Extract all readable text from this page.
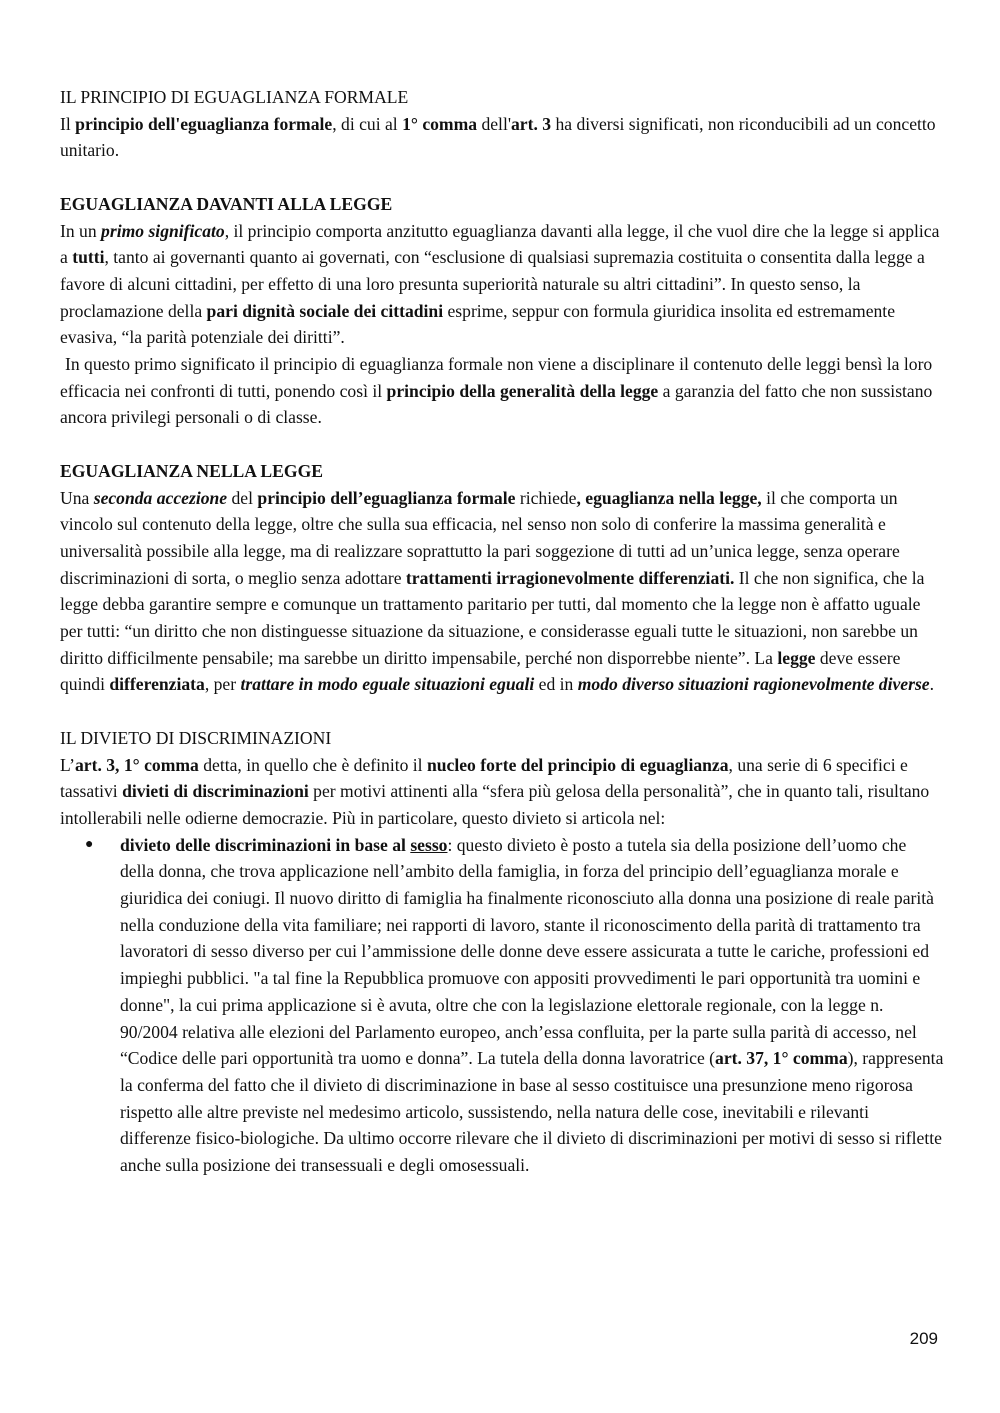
IL PRINCIPIO DI EGUAGLIANZA FORMALE

Il principio dell'eguaglianza formale, di cui al 1° comma dell'art. 3 ha diversi significati, non riconducibili ad un concetto unitario.

EGUAGLIANZA DAVANTI ALLA LEGGE

In un primo significato, il principio comporta anzitutto eguaglianza davanti alla legge, il che vuol dire che la legge si applica a tutti, tanto ai governanti quanto ai governati, con “esclusione di qualsiasi supremazia costituita o consentita dalla legge a favore di alcuni cittadini, per effetto di una loro presunta superiorità naturale su altri cittadini”. In questo senso, la proclamazione della pari dignità sociale dei cittadini esprime, seppur con formula giuridica insolita ed estremamente evasiva, “la parità potenziale dei diritti”.

In questo primo significato il principio di eguaglianza formale non viene a disciplinare il contenuto delle leggi bensì la loro efficacia nei confronti di tutti, ponendo così il principio della generalità della legge a garanzia del fatto che non sussistano ancora privilegi personali o di classe.

EGUAGLIANZA NELLA LEGGE

Una seconda accezione del principio dell’eguaglianza formale richiede, eguaglianza nella legge, il che comporta un vincolo sul contenuto della legge, oltre che sulla sua efficacia, nel senso non solo di conferire la massima generalità e universalità possibile alla legge, ma di realizzare soprattutto la pari soggezione di tutti ad un’unica legge, senza operare discriminazioni di sorta, o meglio senza adottare trattamenti irragionevolmente differenziati. Il che non significa, che la legge debba garantire sempre e comunque un trattamento paritario per tutti, dal momento che la legge non è affatto uguale per tutti: “un diritto che non distinguesse situazione da situazione, e considerasse eguali tutte le situazioni, non sarebbe un diritto difficilmente pensabile; ma sarebbe un diritto impensabile, perché non disporrebbe niente”. La legge deve essere quindi differenziata, per trattare in modo eguale situazioni eguali ed in modo diverso situazioni ragionevolmente diverse.

IL DIVIETO DI DISCRIMINAZIONI

L’art. 3, 1° comma detta, in quello che è definito il nucleo forte del principio di eguaglianza, una serie di 6 specifici e tassativi divieti di discriminazioni per motivi attinenti alla “sfera più gelosa della personalità”, che in quanto tali, risultano intollerabili nelle odierne democrazie. Più in particolare, questo divieto si articola nel:

● divieto delle discriminazioni in base al sesso: questo divieto è posto a tutela sia della posizione dell’uomo che della donna, che trova applicazione nell’ambito della famiglia, in forza del principio dell’eguaglianza morale e giuridica dei coniugi. Il nuovo diritto di famiglia ha finalmente riconosciuto alla donna una posizione di reale parità nella conduzione della vita familiare; nei rapporti di lavoro, stante il riconoscimento della parità di trattamento tra lavoratori di sesso diverso per cui l’ammissione delle donne deve essere assicurata a tutte le cariche, professioni ed impieghi pubblici. "a tal fine la Repubblica promuove con appositi provvedimenti le pari opportunità tra uomini e donne", la cui prima applicazione si è avuta, oltre che con la legislazione elettorale regionale, con la legge n. 90/2004 relativa alle elezioni del Parlamento europeo, anch’essa confluita, per la parte sulla parità di accesso, nel “Codice delle pari opportunità tra uomo e donna”. La tutela della donna lavoratrice (art. 37, 1° comma), rappresenta la conferma del fatto che il divieto di discriminazione in base al sesso costituisce una presunzione meno rigorosa rispetto alle altre previste nel medesimo articolo, sussistendo, nella natura delle cose, inevitabili e rilevanti differenze fisico-biologiche. Da ultimo occorre rilevare che il divieto di discriminazioni per motivi di sesso si riflette anche sulla posizione dei transessuali e degli omosessuali.
209
